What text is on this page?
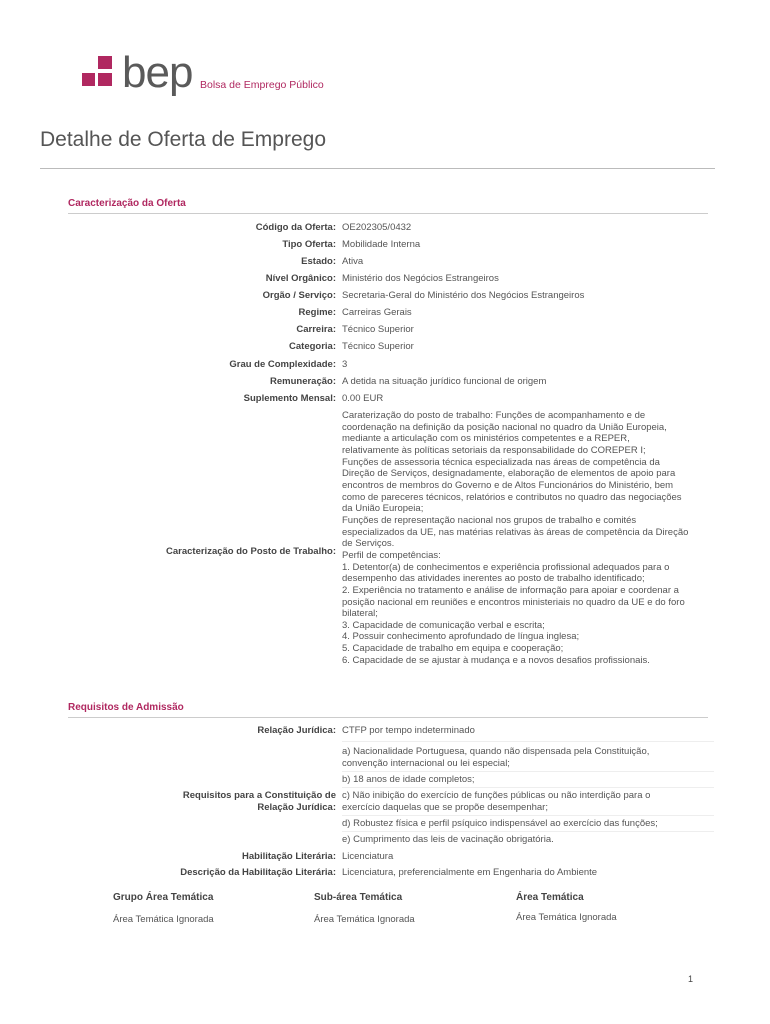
bep Bolsa de Emprego Público
Detalhe de Oferta de Emprego
Caracterização da Oferta
Código da Oferta: OE202305/0432
Tipo Oferta: Mobilidade Interna
Estado: Ativa
Nível Orgânico: Ministério dos Negócios Estrangeiros
Orgão / Serviço: Secretaria-Geral do Ministério dos Negócios Estrangeiros
Regime: Carreiras Gerais
Carreira: Técnico Superior
Categoria: Técnico Superior
Grau de Complexidade: 3
Remuneração: A detida na situação jurídico funcional de origem
Suplemento Mensal: 0.00 EUR
Caracterização do Posto de Trabalho:
Caraterização do posto de trabalho: Funções de acompanhamento e de
coordenação na definição da posição nacional no quadro da União Europeia,
mediante a articulação com os ministérios competentes e a REPER,
relativamente às políticas setoriais da responsabilidade do COREPER I;
Funções de assessoria técnica especializada nas áreas de competência da
Direção de Serviços, designadamente, elaboração de elementos de apoio para
encontros de membros do Governo e de Altos Funcionários do Ministério, bem
como de pareceres técnicos, relatórios e contributos no quadro das negociações
da União Europeia;
Funções de representação nacional nos grupos de trabalho e comités
especializados da UE, nas matérias relativas às áreas de competência da Direção
de Serviços.
Perfil de competências:
1. Detentor(a) de conhecimentos e experiência profissional adequados para o
desempenho das atividades inerentes ao posto de trabalho identificado;
2. Experiência no tratamento e análise de informação para apoiar e coordenar a
posição nacional em reuniões e encontros ministeriais no quadro da UE e do foro
bilateral;
3. Capacidade de comunicação verbal e escrita;
4. Possuir conhecimento aprofundado de língua inglesa;
5. Capacidade de trabalho em equipa e cooperação;
6. Capacidade de se ajustar à mudança e a novos desafios profissionais.
Requisitos de Admissão
Relação Jurídica: CTFP por tempo indeterminado
Requisitos para a Constituição de
Relação Jurídica:
a) Nacionalidade Portuguesa, quando não dispensada pela Constituição,
convenção internacional ou lei especial;
b) 18 anos de idade completos;
c) Não inibição do exercício de funções públicas ou não interdição para o
exercício daquelas que se propõe desempenhar;
d) Robustez física e perfil psíquico indispensável ao exercício das funções;
e) Cumprimento das leis de vacinação obrigatória.
Habilitação Literária: Licenciatura
Descrição da Habilitação Literária: Licenciatura, preferencialmente em Engenharia do Ambiente
Grupo Área Temática	Sub-área Temática	Área Temática
Área Temática Ignorada	Área Temática Ignorada	Área Temática Ignorada
1
